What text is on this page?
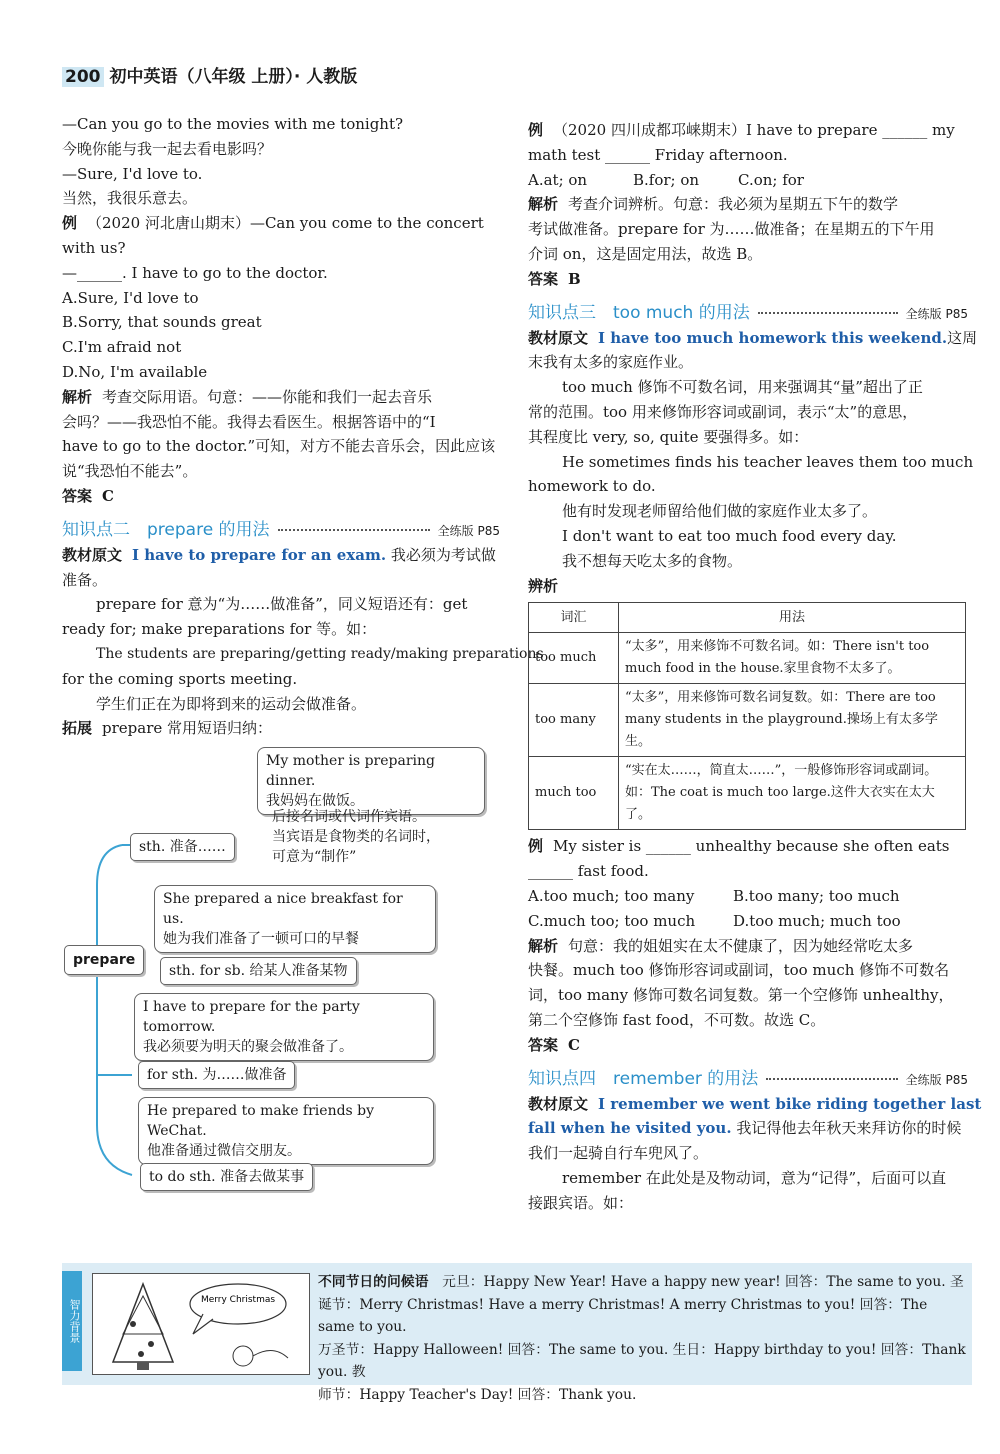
200 初中英语（八年级 上册）· 人教版
—Can you go to the movies with me tonight?
今晚你能与我一起去看电影吗？
—Sure, I'd love to.
当然，我很乐意去。
例 （2020 河北唐山期末）—Can you come to the concert
with us?
—______. I have to go to the doctor.
A.Sure, I'd love to
B.Sorry, that sounds great
C.I'm afraid not
D.No, I'm available
解析 考查交际用语。句意：——你能和我们一起去音乐
会吗？——我恐怕不能。我得去看医生。根据答语中的“I
have to go to the doctor.”可知，对方不能去音乐会，因此应该
说“我恐怕不能去”。
答案 C
知识点二　prepare 的用法	全练版 P85
教材原文 I have to prepare for an exam. 我必须为考试做
准备。
prepare for 意为“为……做准备”，同义短语还有：get
ready for; make preparations for 等。如：
The students are preparing/getting ready/making preparations
for the coming sports meeting.
学生们正在为即将到来的运动会做准备。
拓展 prepare 常用短语归纳：
My mother is preparing dinner.
我妈妈在做饭。
后接名词或代词作宾语。
当宾语是食物类的名词时，
可意为“制作”
sth. 准备……
She prepared a nice breakfast for us.
她为我们准备了一顿可口的早餐
prepare
sth. for sb. 给某人准备某物
I have to prepare for the party tomorrow.
我必须要为明天的聚会做准备了。
for sth. 为……做准备
He prepared to make friends by WeChat.
他准备通过微信交朋友。
to do sth. 准备去做某事
例 （2020 四川成都邛崃期末）I have to prepare ______ my
math test ______ Friday afternoon.
A.at; on	B.for; on	C.on; for
解析 考查介词辨析。句意：我必须为星期五下午的数学
考试做准备。prepare for 为……做准备；在星期五的下午用
介词 on，这是固定用法，故选 B。
答案 B
知识点三　too much 的用法	全练版 P85
教材原文 I have too much homework this weekend.这周
末我有太多的家庭作业。
too much 修饰不可数名词，用来强调其“量”超出了正
常的范围。too 用来修饰形容词或副词，表示“太”的意思，
其程度比 very, so, quite 要强得多。如：
He sometimes finds his teacher leaves them too much
homework to do.
他有时发现老师留给他们做的家庭作业太多了。
I don't want to eat too much food every day.
我不想每天吃太多的食物。
辨析
词汇	用法
too much	“太多”，用来修饰不可数名词。如：There isn't too much food in the house.家里食物不太多了。
too many	“太多”，用来修饰可数名词复数。如：There are too many students in the playground.操场上有太多学生。
much too	“实在太……，简直太……”，一般修饰形容词或副词。如：The coat is much too large.这件大衣实在太大了。
例 My sister is ______ unhealthy because she often eats
______ fast food.
A.too much; too many	B.too many; too much
C.much too; too much	D.too much; much too
解析 句意：我的姐姐实在太不健康了，因为她经常吃太多
快餐。much too 修饰形容词或副词，too much 修饰不可数名
词，too many 修饰可数名词复数。第一个空修饰 unhealthy，
第二个空修饰 fast food，不可数。故选 C。
答案 C
知识点四　remember 的用法	全练版 P85
教材原文 I remember we went bike riding together last
fall when he visited you. 我记得他去年秋天来拜访你的时候
我们一起骑自行车兜风了。
remember 在此处是及物动词，意为“记得”，后面可以直
接跟宾语。如：
智力背景	Merry Christmas
不同节日的问候语　 元旦：Happy New Year! Have a happy new year! 回答：The same to you. 圣
诞节：Merry Christmas! Have a merry Christmas! A merry Christmas to you! 回答：The same to you.
万圣节：Happy Halloween! 回答：The same to you. 生日：Happy birthday to you! 回答：Thank you. 教
师节：Happy Teacher's Day! 回答：Thank you.
